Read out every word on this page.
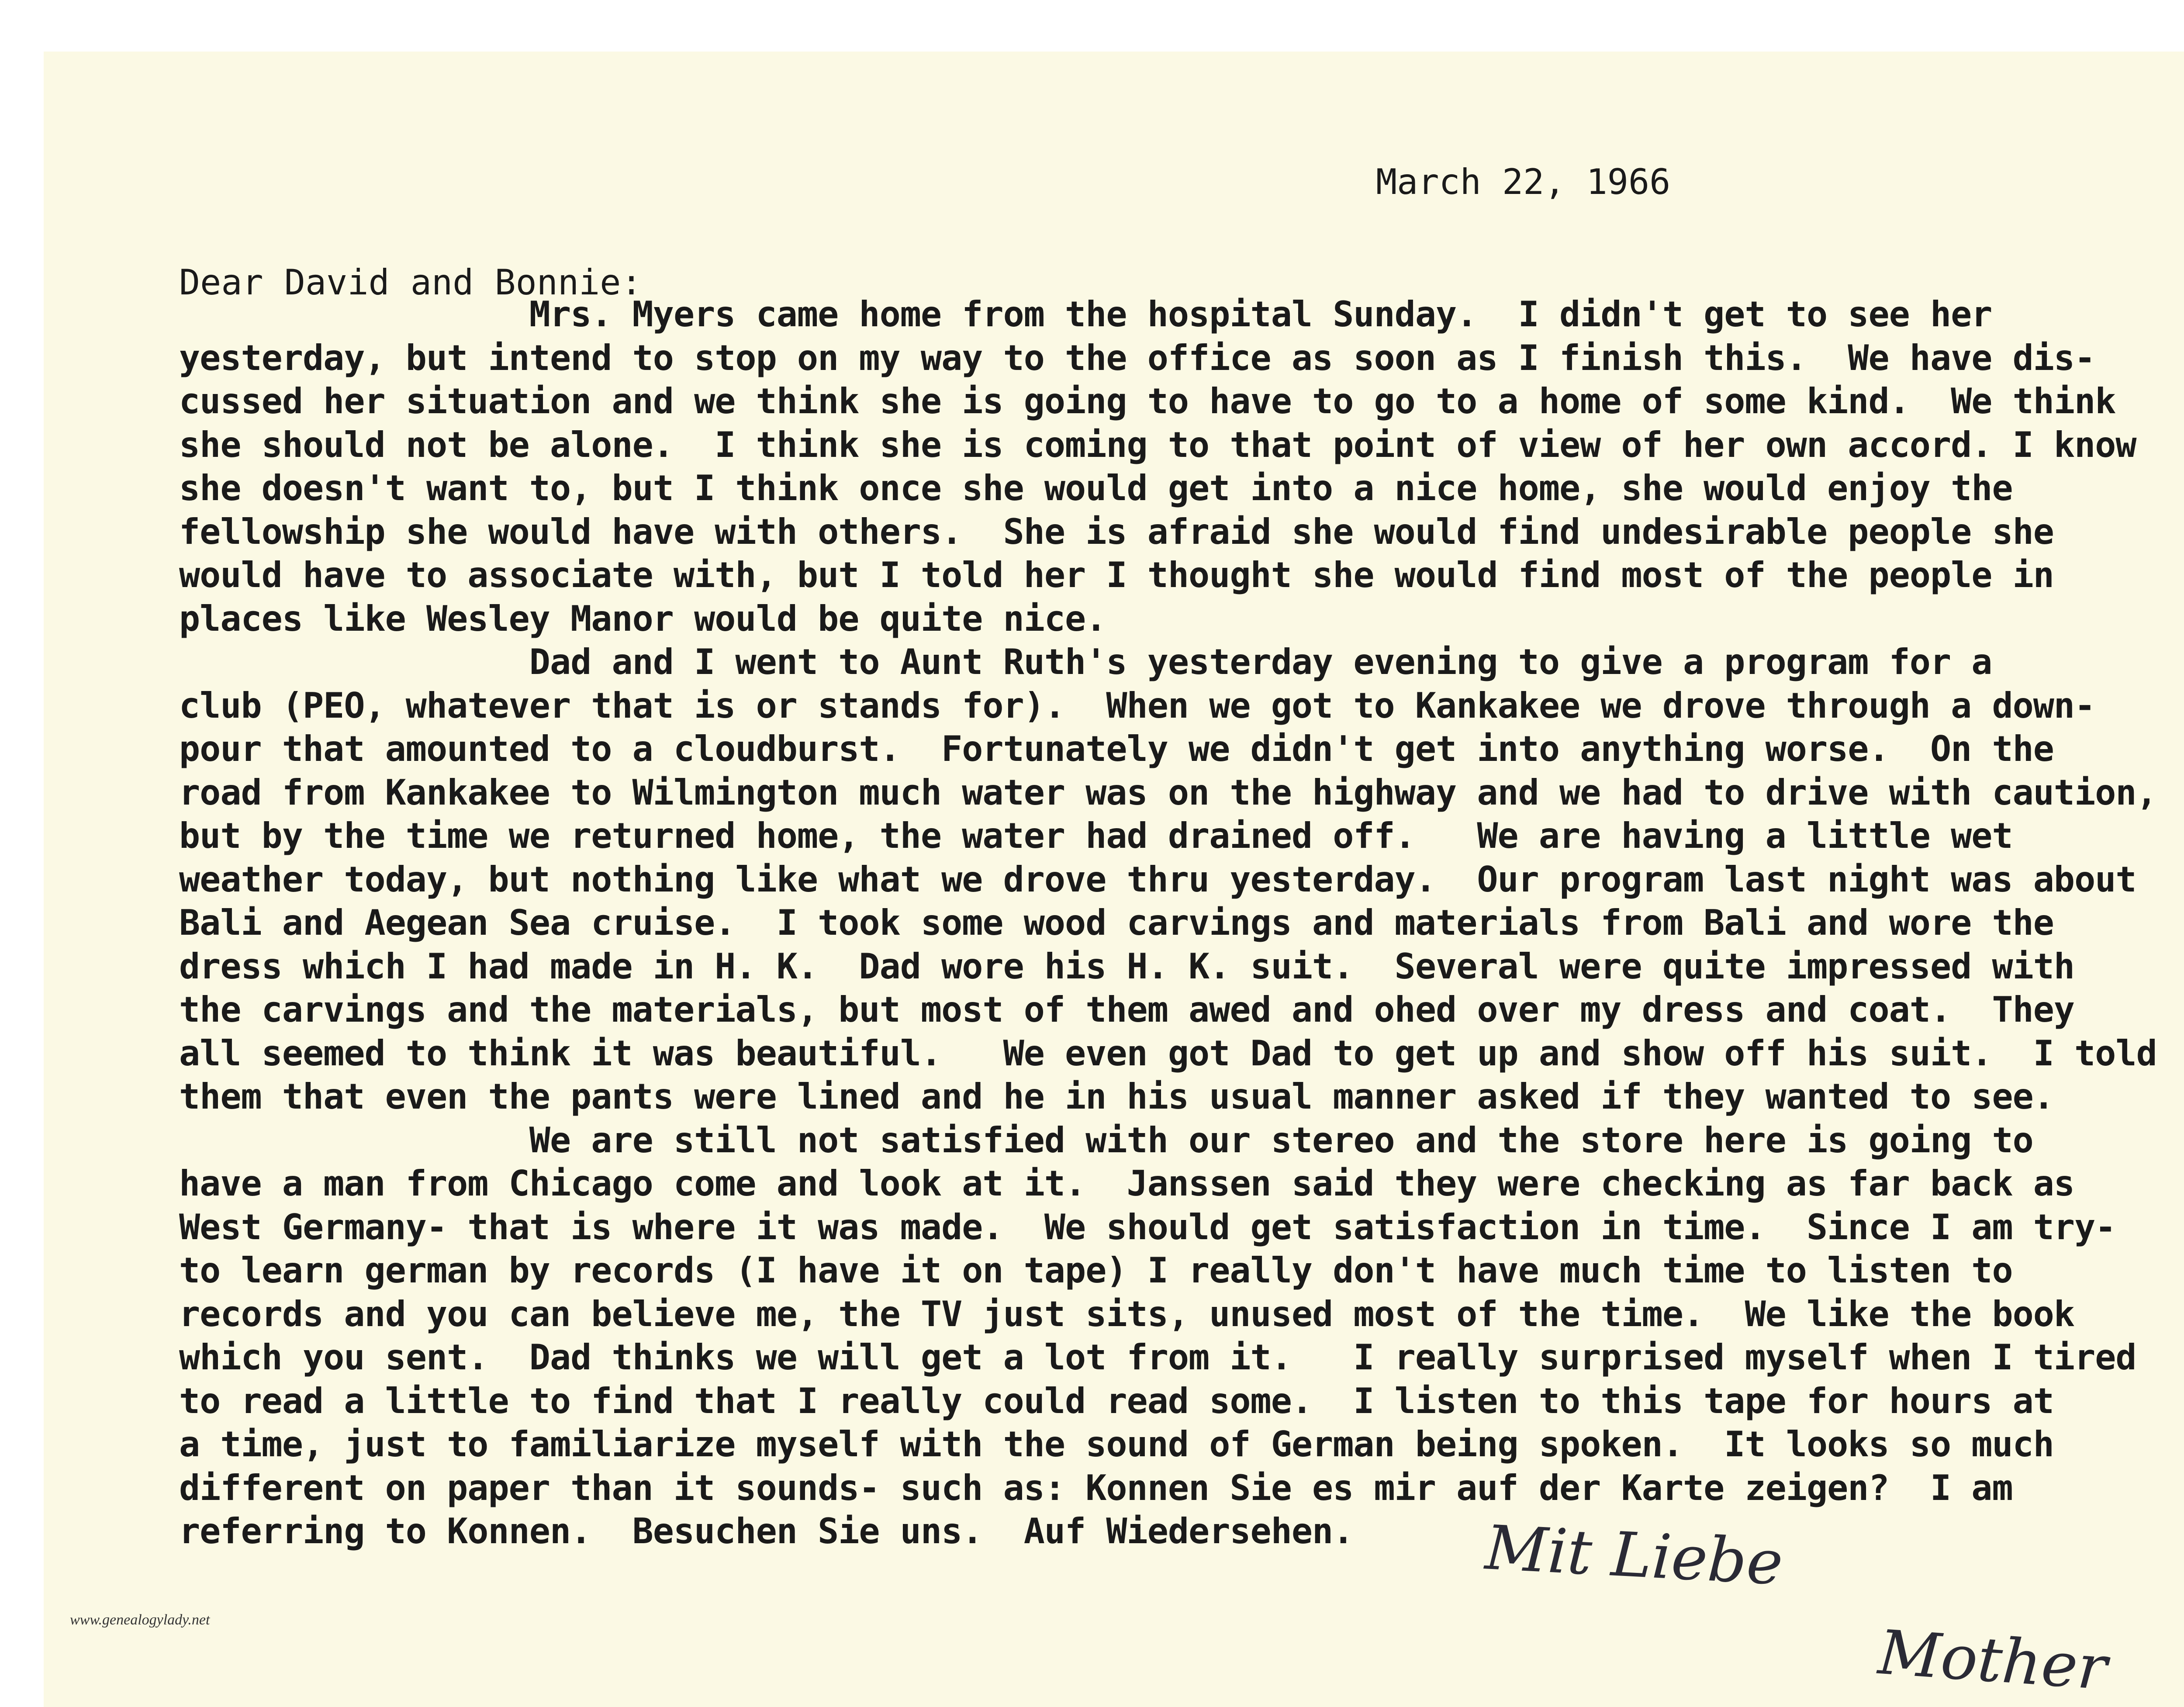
March 22, 1966
Dear David and Bonnie:
Mrs. Myers came home from the hospital Sunday.  I didn't get to see her
yesterday, but intend to stop on my way to the office as soon as I finish this.  We have dis-
cussed her situation and we think she is going to have to go to a home of some kind.  We think
she should not be alone.  I think she is coming to that point of view of her own accord. I know
she doesn't want to, but I think once she would get into a nice home, she would enjoy the
fellowship she would have with others.  She is afraid she would find undesirable people she
would have to associate with, but I told her I thought she would find most of the people in
places like Wesley Manor would be quite nice.
Dad and I went to Aunt Ruth's yesterday evening to give a program for a
club (PEO, whatever that is or stands for).  When we got to Kankakee we drove through a down-
pour that amounted to a cloudburst.  Fortunately we didn't get into anything worse.  On the
road from Kankakee to Wilmington much water was on the highway and we had to drive with caution,
but by the time we returned home, the water had drained off.   We are having a little wet
weather today, but nothing like what we drove thru yesterday.  Our program last night was about
Bali and Aegean Sea cruise.  I took some wood carvings and materials from Bali and wore the
dress which I had made in H. K.  Dad wore his H. K. suit.  Several were quite impressed with
the carvings and the materials, but most of them awed and ohed over my dress and coat.  They
all seemed to think it was beautiful.   We even got Dad to get up and show off his suit.  I told
them that even the pants were lined and he in his usual manner asked if they wanted to see.
We are still not satisfied with our stereo and the store here is going to
have a man from Chicago come and look at it.  Janssen said they were checking as far back as
West Germany- that is where it was made.  We should get satisfaction in time.  Since I am try-
to learn german by records (I have it on tape) I really don't have much time to listen to
records and you can believe me, the TV just sits, unused most of the time.  We like the book
which you sent.  Dad thinks we will get a lot from it.   I really surprised myself when I tired
to read a little to find that I really could read some.  I listen to this tape for hours at
a time, just to familiarize myself with the sound of German being spoken.  It looks so much
different on paper than it sounds- such as: Konnen Sie es mir auf der Karte zeigen?  I am
referring to Konnen.  Besuchen Sie uns.  Auf Wiedersehen.	Mit Liebe
Mother
www.genealogylady.net
